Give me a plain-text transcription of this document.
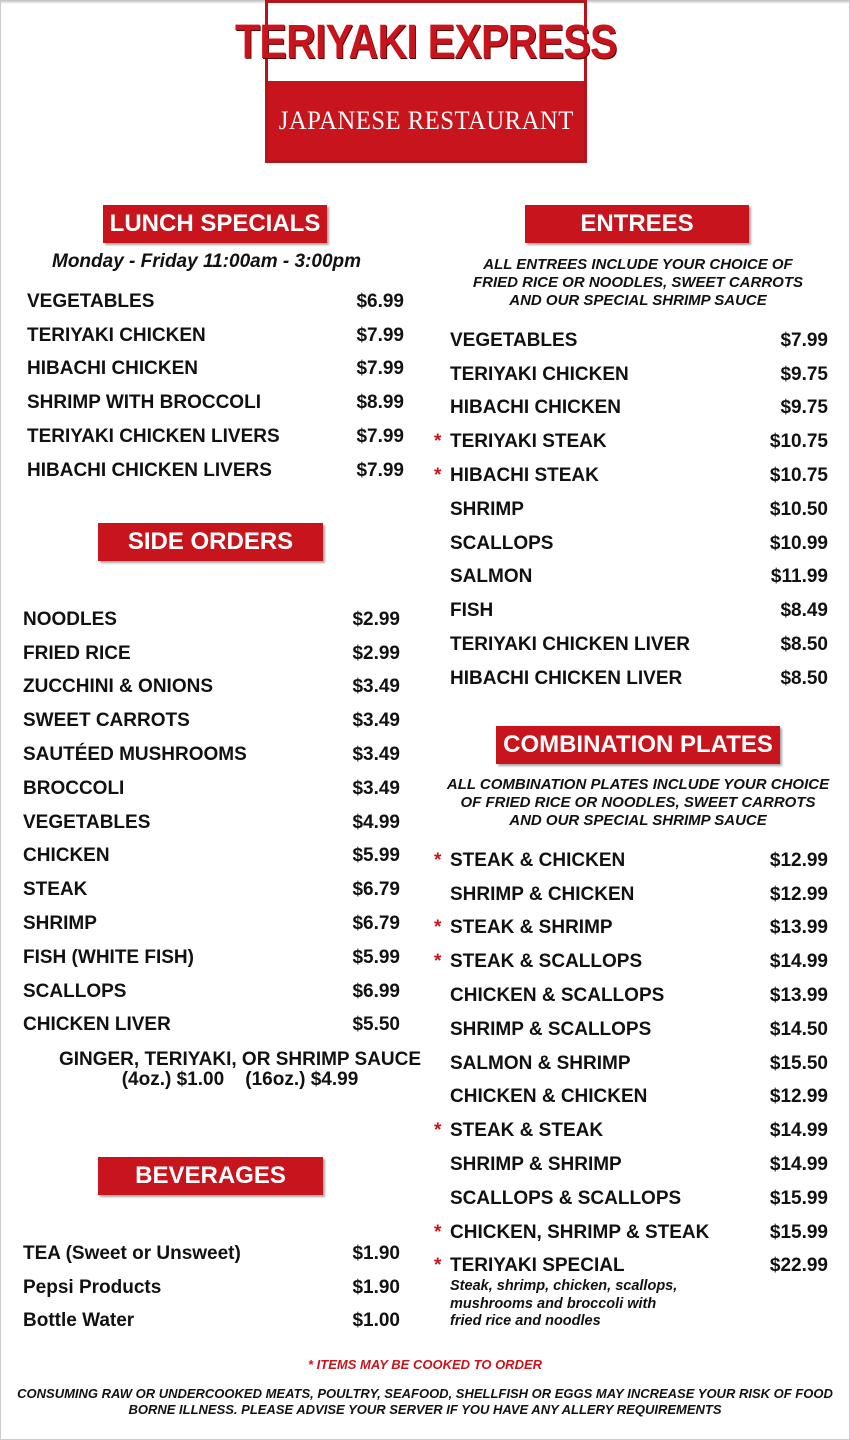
TERIYAKI EXPRESS
JAPANESE RESTAURANT
LUNCH SPECIALS
Monday - Friday 11:00am - 3:00pm
VEGETABLES	$6.99
TERIYAKI CHICKEN	$7.99
HIBACHI CHICKEN	$7.99
SHRIMP WITH BROCCOLI	$8.99
TERIYAKI CHICKEN LIVERS	$7.99
HIBACHI CHICKEN LIVERS	$7.99
SIDE ORDERS
NOODLES	$2.99
FRIED RICE	$2.99
ZUCCHINI & ONIONS	$3.49
SWEET CARROTS	$3.49
SAUTÉED MUSHROOMS	$3.49
BROCCOLI	$3.49
VEGETABLES	$4.99
CHICKEN	$5.99
STEAK	$6.79
SHRIMP	$6.79
FISH (WHITE FISH)	$5.99
SCALLOPS	$6.99
CHICKEN LIVER	$5.50
GINGER, TERIYAKI, OR SHRIMP SAUCE
(4oz.) $1.00    (16oz.) $4.99
BEVERAGES
TEA (Sweet or Unsweet)	$1.90
Pepsi Products	$1.90
Bottle Water	$1.00
ENTREES
ALL ENTREES INCLUDE YOUR CHOICE OF
FRIED RICE OR NOODLES, SWEET CARROTS
AND OUR SPECIAL SHRIMP SAUCE
VEGETABLES	$7.99
TERIYAKI CHICKEN	$9.75
HIBACHI CHICKEN	$9.75
* TERIYAKI STEAK	$10.75
* HIBACHI STEAK	$10.75
SHRIMP	$10.50
SCALLOPS	$10.99
SALMON	$11.99
FISH	$8.49
TERIYAKI CHICKEN LIVER	$8.50
HIBACHI CHICKEN LIVER	$8.50
COMBINATION PLATES
ALL COMBINATION PLATES INCLUDE YOUR CHOICE
OF FRIED RICE OR NOODLES, SWEET CARROTS
AND OUR SPECIAL SHRIMP SAUCE
* STEAK & CHICKEN	$12.99
SHRIMP & CHICKEN	$12.99
* STEAK & SHRIMP	$13.99
* STEAK & SCALLOPS	$14.99
CHICKEN & SCALLOPS	$13.99
SHRIMP & SCALLOPS	$14.50
SALMON & SHRIMP	$15.50
CHICKEN & CHICKEN	$12.99
* STEAK & STEAK	$14.99
SHRIMP & SHRIMP	$14.99
SCALLOPS & SCALLOPS	$15.99
* CHICKEN, SHRIMP & STEAK	$15.99
* TERIYAKI SPECIAL	$22.99
Steak, shrimp, chicken, scallops,
mushrooms and broccoli with
fried rice and noodles
* ITEMS MAY BE COOKED TO ORDER
CONSUMING RAW OR UNDERCOOKED MEATS, POULTRY, SEAFOOD, SHELLFISH OR EGGS MAY INCREASE YOUR RISK OF FOOD
BORNE ILLNESS. PLEASE ADVISE YOUR SERVER IF YOU HAVE ANY ALLERY REQUIREMENTS
